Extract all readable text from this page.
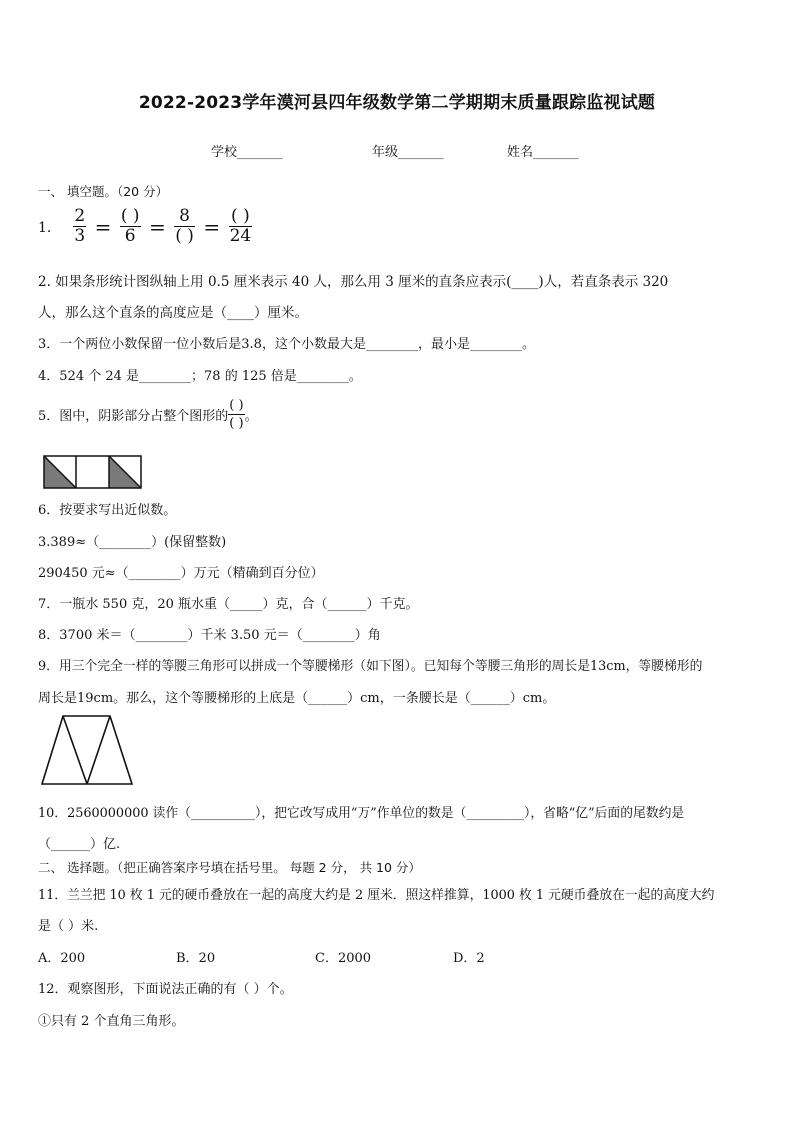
2022-2023学年漠河县四年级数学第二学期期末质量跟踪监视试题
学校_______	年级_______	姓名_______
一、 填空题。（20 分）
1． $\frac{2}{3} = \frac{( )}{6} = \frac{8}{( )} = \frac{( )}{24}$
2. 如果条形统计图纵轴上用 0.5 厘米表示 40 人，那么用 3 厘米的直条应表示(____)人，若直条表示 320
人，那么这个直条的高度应是（____）厘米。
3．一个两位小数保留一位小数后是3.8，这个小数最大是________，最小是________。
4．524 个 24 是________；78 的 125 倍是________。
5．图中，阴影部分占整个图形的 $\frac{( )}{( )}$ 。
6．按要求写出近似数。
3.389≈（________）(保留整数)
290450 元≈（________）万元（精确到百分位）
7．一瓶水 550 克，20 瓶水重（_____）克，合（______）千克。
8．3700 米＝（________）千米 3.50 元＝（________）角
9．用三个完全一样的等腰三角形可以拼成一个等腰梯形（如下图）。已知每个等腰三角形的周长是13cm，等腰梯形的
周长是19cm。那么，这个等腰梯形的上底是（______）cm，一条腰长是（______）cm。
10．2560000000 读作（__________），把它改写成用“万”作单位的数是（_________），省略“亿”后面的尾数约是
（______）亿.
二、 选择题。（把正确答案序号填在括号里。 每题 2 分， 共 10 分）
11．兰兰把 10 枚 1 元的硬币叠放在一起的高度大约是 2 厘米．照这样推算，1000 枚 1 元硬币叠放在一起的高度大约
是（ ）米.
A．200	B．20	C．2000	D．2
12．观察图形，下面说法正确的有（ ）个。
①只有 2 个直角三角形。
